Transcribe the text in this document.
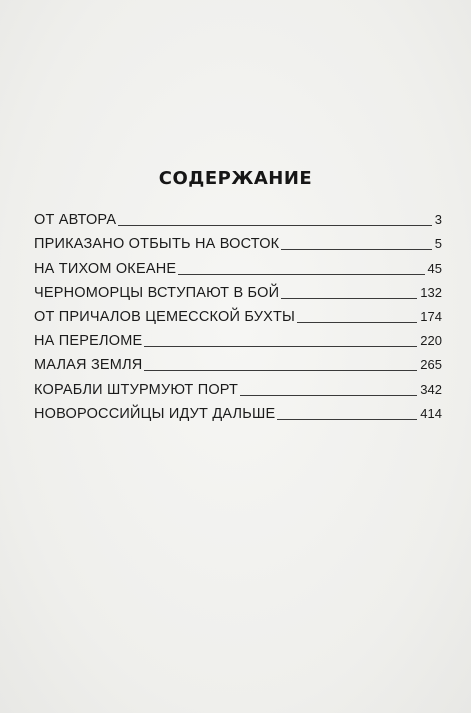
СОДЕРЖАНИЕ
ОТ АВТОРА	3
ПРИКАЗАНО ОТБЫТЬ НА ВОСТОК	5
НА ТИХОМ ОКЕАНЕ	45
ЧЕРНОМОРЦЫ ВСТУПАЮТ В БОЙ	132
ОТ ПРИЧАЛОВ ЦЕМЕССКОЙ БУХТЫ	174
НА ПЕРЕЛОМЕ	220
МАЛАЯ ЗЕМЛЯ	265
КОРАБЛИ ШТУРМУЮТ ПОРТ	342
НОВОРОССИЙЦЫ ИДУТ ДАЛЬШЕ	414
